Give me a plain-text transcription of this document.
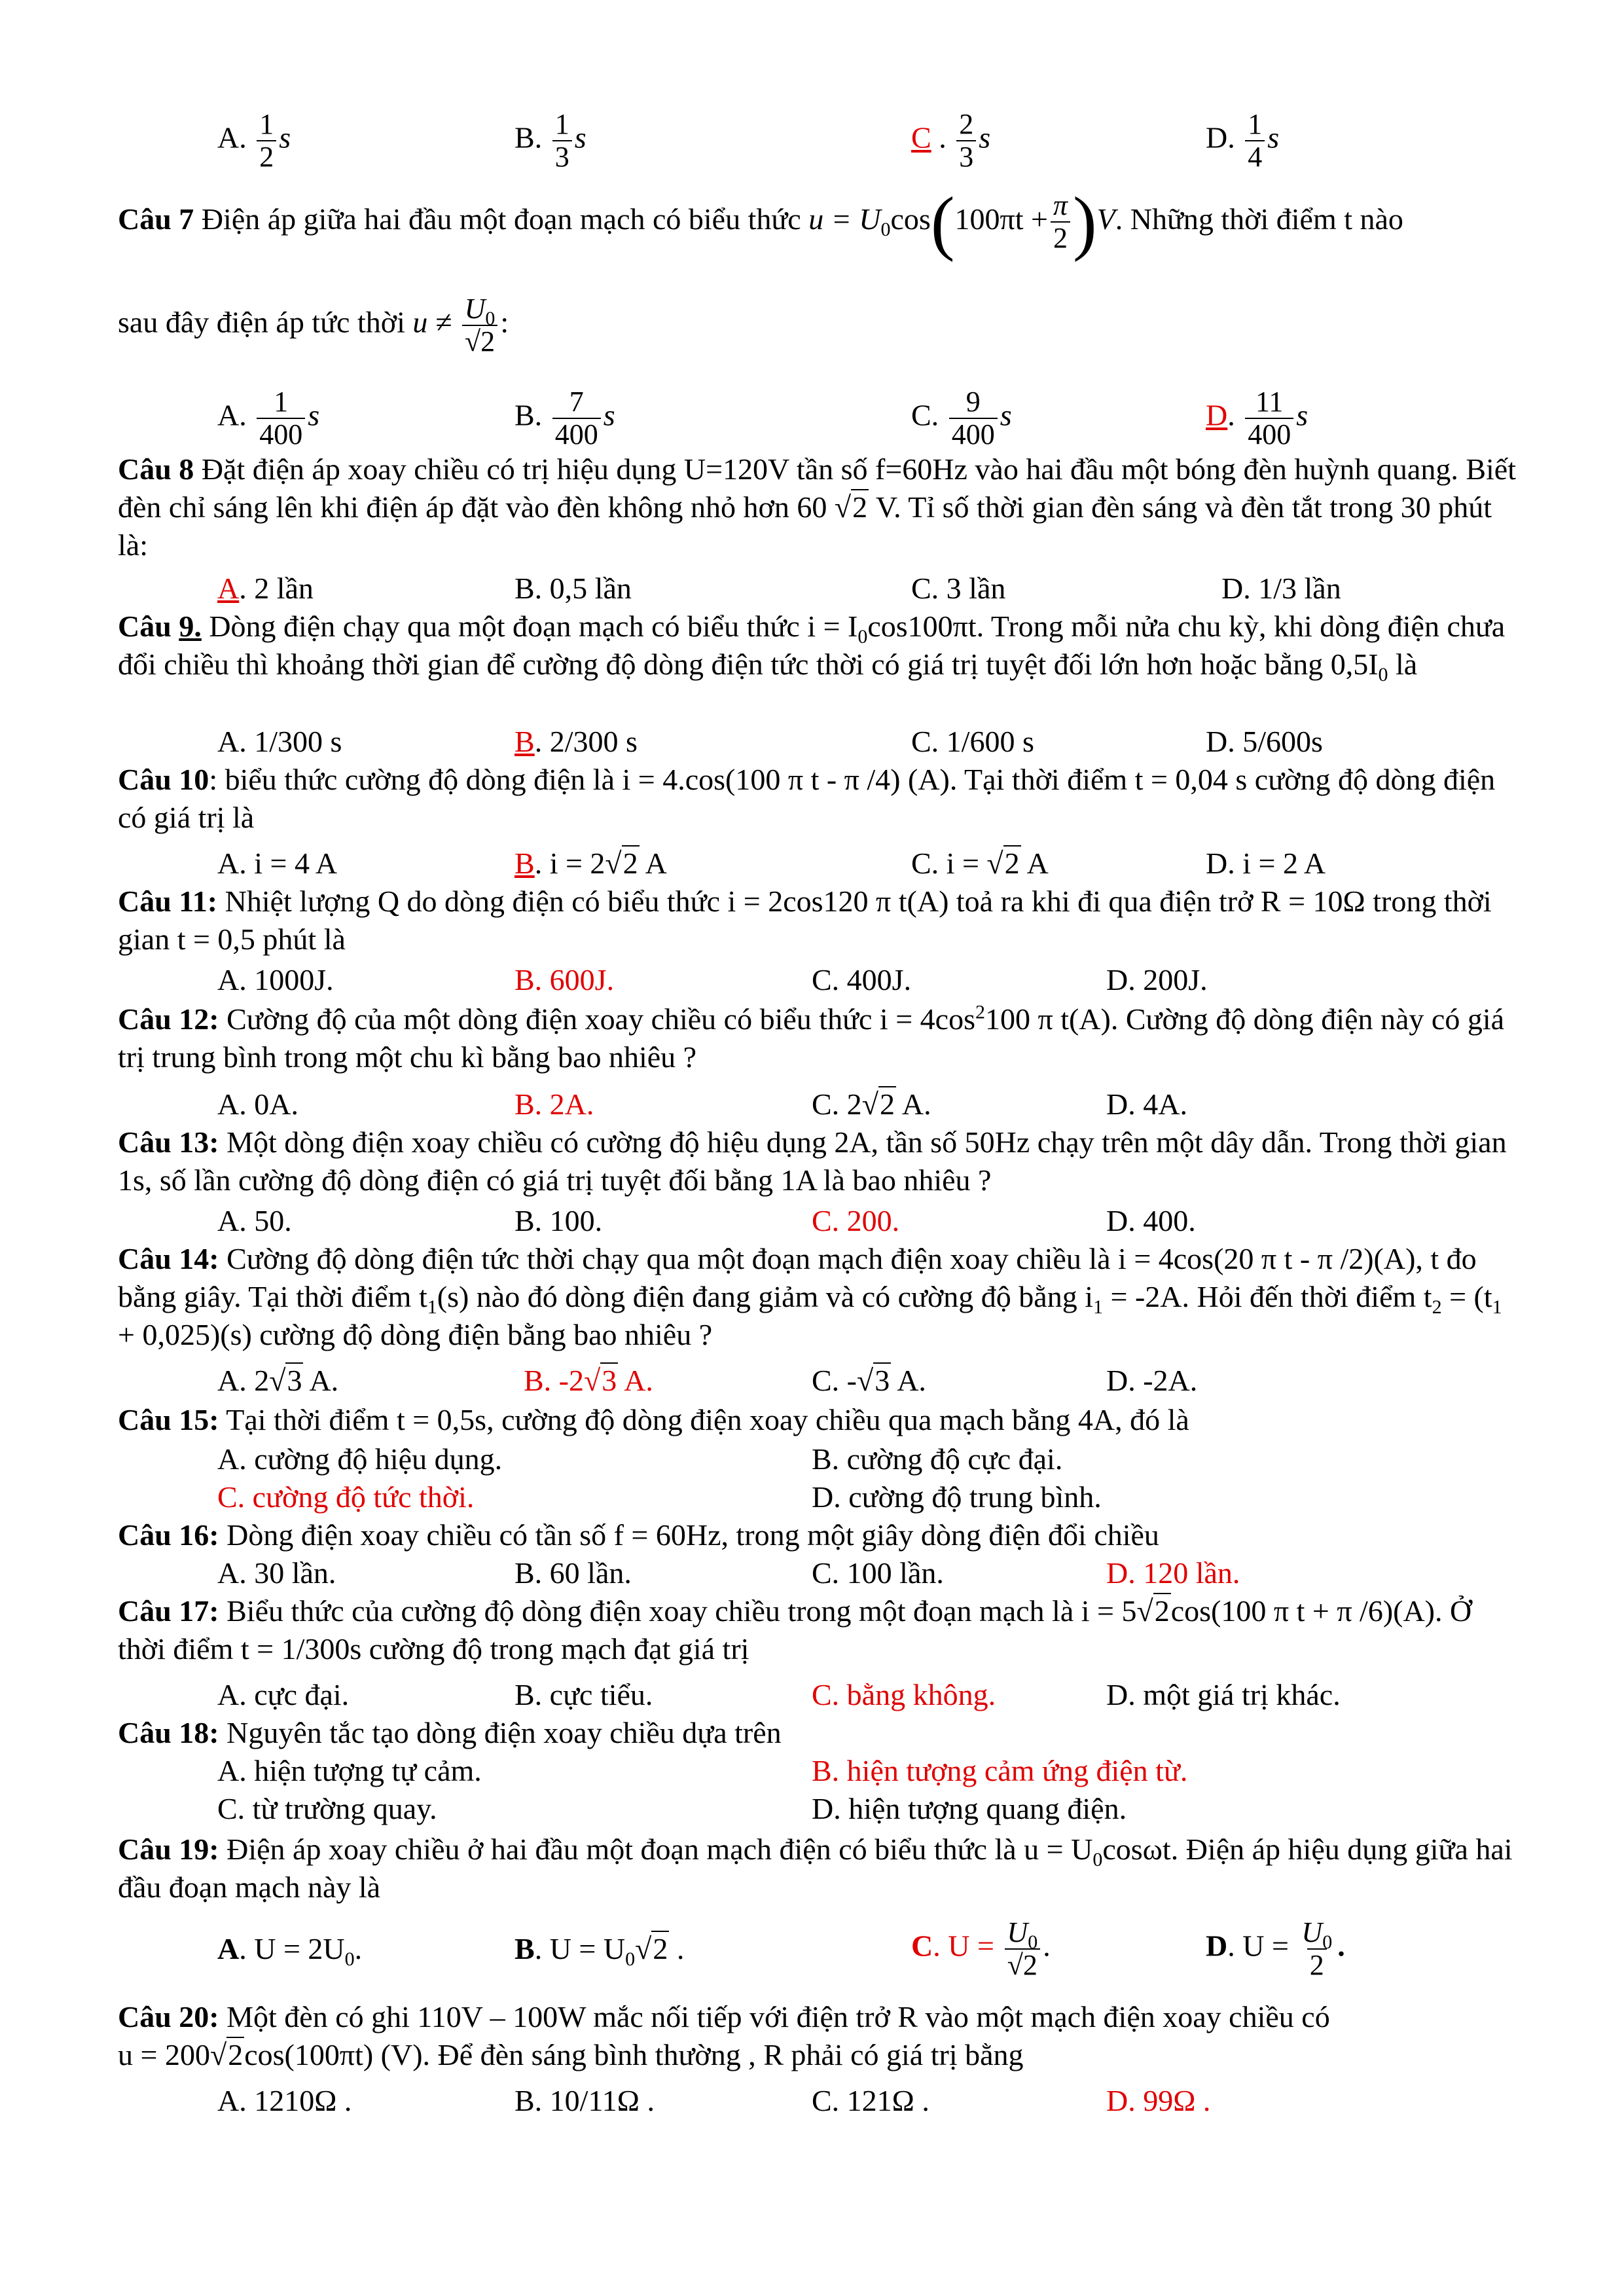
A. $\frac{1}{2}$ s	B. $\frac{1}{3}$ s	C . $\frac{2}{3}$ s	D. $\frac{1}{4}$ s
Câu 7 Điện áp giữa hai đầu một đoạn mạch có biểu thức $u = U_0\cos(100\pi t + \frac{\pi}{2} )V$. Những thời điểm t nào
sau đây điện áp tức thời $u \ne \frac{U_0}{√2}$ :
A. $\frac{1}{400}$ s	B. $\frac{7}{400}$ s	C. $\frac{9}{400}$ s	D. $\frac{11}{400}$ s
Câu 8 Đặt điện áp xoay chiều có trị hiệu dụng U=120V tần số f=60Hz vào hai đầu một bóng đèn huỳnh quang. Biết đèn chỉ sáng lên khi điện áp đặt vào đèn không nhỏ hơn 60 √2 V. Tỉ số thời gian đèn sáng và đèn tắt trong 30 phút là:
A. 2 lần	B. 0,5 lần	C. 3 lần	D. 1/3 lần
Câu 9. Dòng điện chạy qua một đoạn mạch có biểu thức $i = I_0\cos 100\pi t$. Trong mỗi nửa chu kỳ, khi dòng điện chưa đổi chiều thì khoảng thời gian để cường độ dòng điện tức thời có giá trị tuyệt đối lớn hơn hoặc bằng $0,5I_0$ là
A. 1/300 s	B. 2/300 s	C. 1/600 s	D. 5/600s
Câu 10: biểu thức cường độ dòng điện là i = 4.cos(100 π t - π /4) (A). Tại thời điểm t = 0,04 s cường độ dòng điện có giá trị là
A. i = 4 A	B. i = 2√2 A	C. i = √2 A	D. i = 2 A
Câu 11: Nhiệt lượng Q do dòng điện có biểu thức i = 2cos120 π t(A) toả ra khi đi qua điện trở R = 10Ω trong thời gian t = 0,5 phút là
A. 1000J.	B. 600J.	C. 400J.	D. 200J.
Câu 12: Cường độ của một dòng điện xoay chiều có biểu thức $i = 4\cos^2100$ π t(A). Cường độ dòng điện này có giá trị trung bình trong một chu kì bằng bao nhiêu ?
A. 0A.	B. 2A.	C. 2√2 A.	D. 4A.
Câu 13: Một dòng điện xoay chiều có cường độ hiệu dụng 2A, tần số 50Hz chạy trên một dây dẫn. Trong thời gian 1s, số lần cường độ dòng điện có giá trị tuyệt đối bằng 1A là bao nhiêu ?
A. 50.	B. 100.	C. 200.	D. 400.
Câu 14: Cường độ dòng điện tức thời chạy qua một đoạn mạch điện xoay chiều là i = 4cos(20 π t - π /2)(A), t đo bằng giây. Tại thời điểm $t_1(s)$ nào đó dòng điện đang giảm và có cường độ bằng $i_1 = -2A$. Hỏi đến thời điểm $t_2 = (t_1 + 0,025)(s)$ cường độ dòng điện bằng bao nhiêu ?
A. 2√3 A.	B. -2√3 A.	C. -√3 A.	D. -2A.
Câu 15: Tại thời điểm t = 0,5s, cường độ dòng điện xoay chiều qua mạch bằng 4A, đó là
A. cường độ hiệu dụng.	B. cường độ cực đại.
C. cường độ tức thời.	D. cường độ trung bình.
Câu 16: Dòng điện xoay chiều có tần số f = 60Hz, trong một giây dòng điện đổi chiều
A. 30 lần.	B. 60 lần.	C. 100 lần.	D. 120 lần.
Câu 17: Biểu thức của cường độ dòng điện xoay chiều trong một đoạn mạch là i = 5√2cos(100 π t + π /6)(A). Ở thời điểm t = 1/300s cường độ trong mạch đạt giá trị
A. cực đại.	B. cực tiểu.	C. bằng không.	D. một giá trị khác.
Câu 18: Nguyên tắc tạo dòng điện xoay chiều dựa trên
A. hiện tượng tự cảm.	B. hiện tượng cảm ứng điện từ.
C. từ trường quay.	D. hiện tượng quang điện.
Câu 19: Điện áp xoay chiều ở hai đầu một đoạn mạch điện có biểu thức là $u = U_0\cos\omega t$. Điện áp hiệu dụng giữa hai đầu đoạn mạch này là
A. $U = 2U_0$.	B. $U = U_0√2$ .	C. $U = \frac{U_0}{√2}$ .	D. $U = \frac{U_0}{2}$ .
Câu 20: Một đèn có ghi 110V – 100W mắc nối tiếp với điện trở R vào một mạch điện xoay chiều có
u = 200√2cos(100πt) (V). Để đèn sáng bình thường , R phải có giá trị bằng
A. 1210Ω .	B. 10/11Ω .	C. 121Ω .	D. 99Ω .
